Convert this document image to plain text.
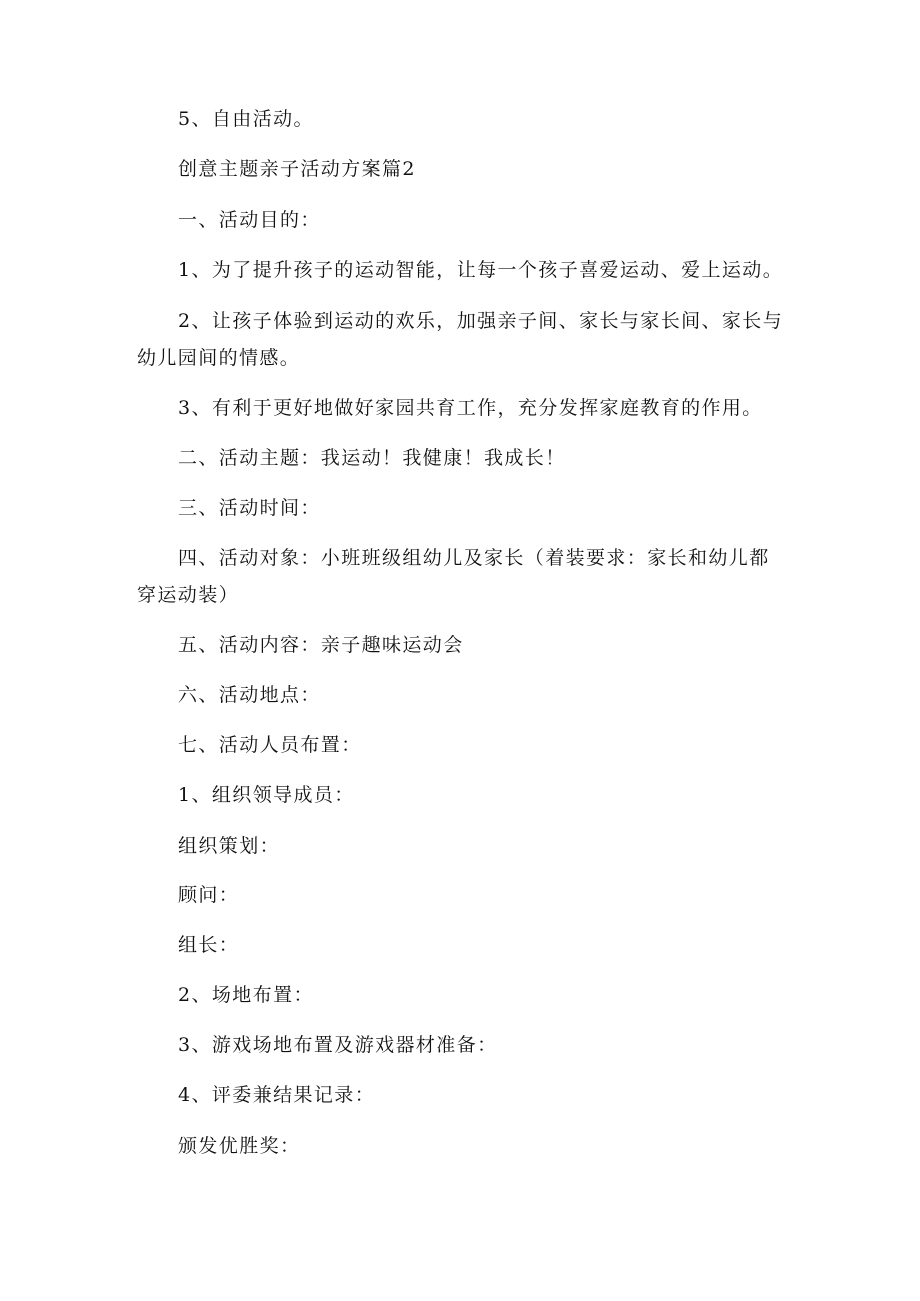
5、自由活动。

创意主题亲子活动方案篇2

一、活动目的：

1、为了提升孩子的运动智能，让每一个孩子喜爱运动、爱上运动。

2、让孩子体验到运动的欢乐，加强亲子间、家长与家长间、家长与幼儿园间的情感。

3、有利于更好地做好家园共育工作，充分发挥家庭教育的作用。

二、活动主题：我运动！我健康！我成长！

三、活动时间：

四、活动对象：小班班级组幼儿及家长（着装要求：家长和幼儿都穿运动装）

五、活动内容：亲子趣味运动会

六、活动地点：

七、活动人员布置：

1、组织领导成员：

组织策划：

顾问：

组长：

2、场地布置：

3、游戏场地布置及游戏器材准备：

4、评委兼结果记录：

颁发优胜奖：
